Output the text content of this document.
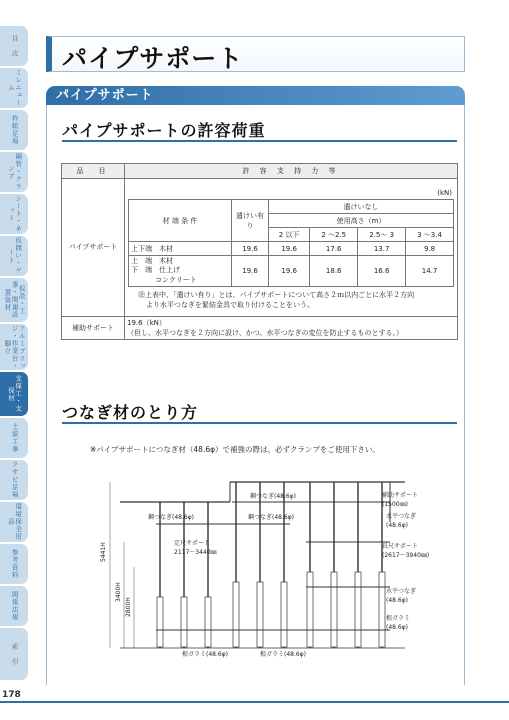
目　次
ミレニューム
枠組足場
鋼管・クランプ
シート・ネット
仮囲い・ゲート
仮設・工事・関連設置資材
アルミブリッジ・作業台・脚立
支保工・支保材
土留工事
クサビ足場
環境保全用品
参考資料
関係法規
索　引
178
パイプサポート
パイプサポート
パイプサポートの許容荷重
品　目	許 容 支 持 力 等
パイプサポート	
(kN)
材 端 条 件	遣けい有り	遣けいなし
使用高さ（m）
2 以下	2 〜2.5	2.5〜 3	3 〜3.4
上下端　木材	19.6	19.6	17.6	13.7	9.8

上　端　木材
下　端　仕上げ
コンクリート
	19.6	19.6	18.6	16.6	14.7
㊟上表中、「遣けい有り」とは、パイプサポートについて高さ２ｍ以内ごとに水平２方向
より水平つなぎを緊結金具で取り付けることをいう。

補助サポート	
19.6（kN）
（但し、水平つなぎを２方向に設け、かつ、水平つなぎの変位を防止するものとする。）
つなぎ材のとり方
※パイプサポートにつなぎ材（48.6φ）で補強の際は、必ずクランプをご使用下さい。
5441H
3400H
2800H
鋼つなぎ(48.6φ)	補助サポート
(1500㎜)
鋼つなぎ(48.6φ)	鋼つなぎ(48.6φ)	水平つなぎ
(48.6φ)
定尺サポート
2117〜3440㎜
長尺サポート
(2617〜3940㎜)
水平つなぎ
(48.6φ)
根ガラミ
(48.6φ)
根ガラミ(48.6φ)	根ガラミ(48.6φ)
